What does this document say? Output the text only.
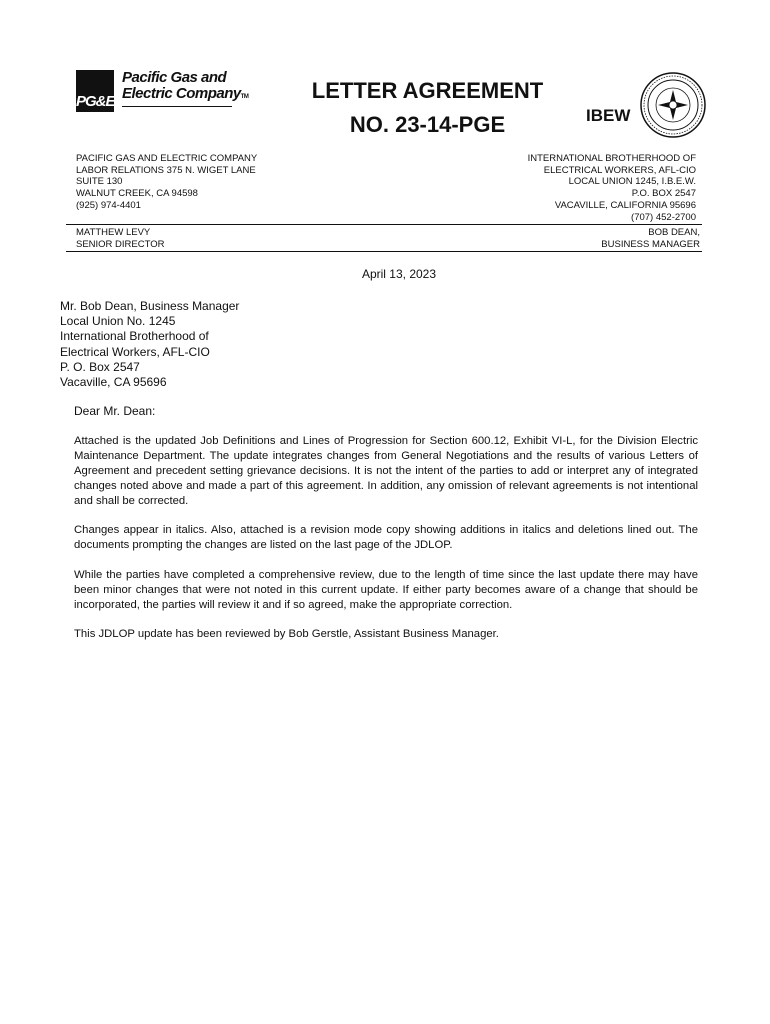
PG&E
Pacific Gas and
Electric CompanyTM	LETTER AGREEMENT
NO. 23-14-PGE	IBEW
PACIFIC GAS AND ELECTRIC COMPANY
LABOR RELATIONS 375 N. WIGET LANE
SUITE 130
WALNUT CREEK, CA 94598
(925) 974-4401
INTERNATIONAL BROTHERHOOD OF
ELECTRICAL WORKERS, AFL-CIO
LOCAL UNION 1245, I.B.E.W.
P.O. BOX 2547
VACAVILLE, CALIFORNIA 95696
(707) 452-2700
MATTHEW LEVY
SENIOR DIRECTOR
BOB DEAN,
BUSINESS MANAGER
April 13, 2023
Mr. Bob Dean, Business Manager
Local Union No. 1245
International Brotherhood of
Electrical Workers, AFL-CIO
P. O. Box 2547
Vacaville, CA 95696
Dear Mr. Dean:
Attached is the updated Job Definitions and Lines of Progression for Section 600.12, Exhibit VI-L, for the Division Electric Maintenance Department. The update integrates changes from General Negotiations and the results of various Letters of Agreement and precedent setting grievance decisions. It is not the intent of the parties to add or interpret any of integrated changes noted above and made a part of this agreement. In addition, any omission of relevant agreements is not intentional and shall be corrected.
Changes appear in italics. Also, attached is a revision mode copy showing additions in italics and deletions lined out. The documents prompting the changes are listed on the last page of the JDLOP.
While the parties have completed a comprehensive review, due to the length of time since the last update there may have been minor changes that were not noted in this current update. If either party becomes aware of a change that should be incorporated, the parties will review it and if so agreed, make the appropriate correction.
This JDLOP update has been reviewed by Bob Gerstle, Assistant Business Manager.
